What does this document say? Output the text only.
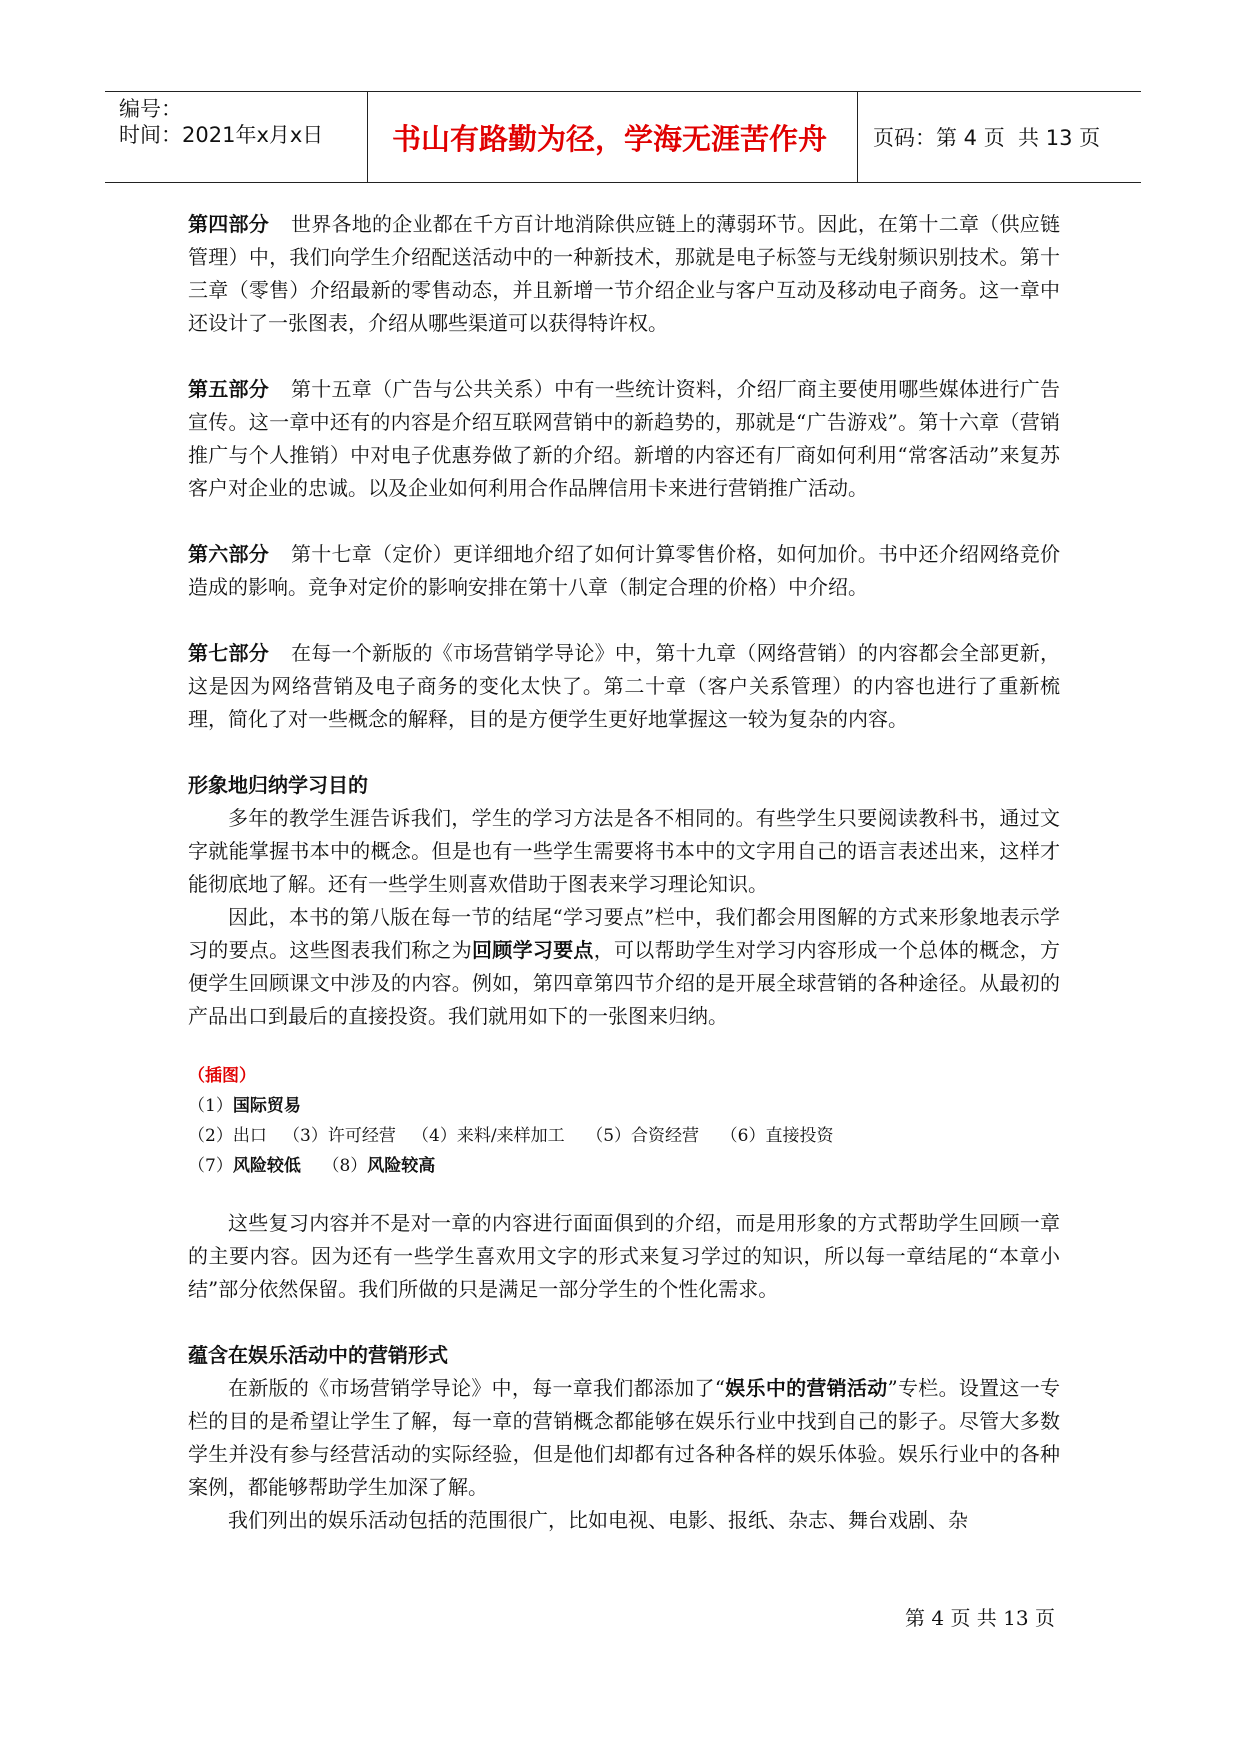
编号：
时间：2021年x月x日	书山有路勤为径，学海无涯苦作舟	页码：第 4 页  共 13 页

第四部分 世界各地的企业都在千方百计地消除供应链上的薄弱环节。因此，在第十二章（供应链管理）中，我们向学生介绍配送活动中的一种新技术，那就是电子标签与无线射频识别技术。第十三章（零售）介绍最新的零售动态，并且新增一节介绍企业与客户互动及移动电子商务。这一章中还设计了一张图表，介绍从哪些渠道可以获得特许权。

第五部分 第十五章（广告与公共关系）中有一些统计资料，介绍厂商主要使用哪些媒体进行广告宣传。这一章中还有的内容是介绍互联网营销中的新趋势的，那就是“广告游戏”。第十六章（营销推广与个人推销）中对电子优惠券做了新的介绍。新增的内容还有厂商如何利用“常客活动”来复苏客户对企业的忠诚。以及企业如何利用合作品牌信用卡来进行营销推广活动。

第六部分 第十七章（定价）更详细地介绍了如何计算零售价格，如何加价。书中还介绍网络竞价造成的影响。竞争对定价的影响安排在第十八章（制定合理的价格）中介绍。

第七部分 在每一个新版的《市场营销学导论》中，第十九章（网络营销）的内容都会全部更新，这是因为网络营销及电子商务的变化太快了。第二十章（客户关系管理）的内容也进行了重新梳理，简化了对一些概念的解释，目的是方便学生更好地掌握这一较为复杂的内容。

形象地归纳学习目的

多年的教学生涯告诉我们，学生的学习方法是各不相同的。有些学生只要阅读教科书，通过文字就能掌握书本中的概念。但是也有一些学生需要将书本中的文字用自己的语言表述出来，这样才能彻底地了解。还有一些学生则喜欢借助于图表来学习理论知识。

因此，本书的第八版在每一节的结尾“学习要点”栏中，我们都会用图解的方式来形象地表示学习的要点。这些图表我们称之为回顾学习要点，可以帮助学生对学习内容形成一个总体的概念，方便学生回顾课文中涉及的内容。例如，第四章第四节介绍的是开展全球营销的各种途径。从最初的产品出口到最后的直接投资。我们就用如下的一张图来归纳。

（插图）

（1）国际贸易

（2）出口   （3）许可经营   （4）来料/来样加工    （5）合资经营    （6）直接投资

（7）风险较低    （8）风险较高

这些复习内容并不是对一章的内容进行面面俱到的介绍，而是用形象的方式帮助学生回顾一章的主要内容。因为还有一些学生喜欢用文字的形式来复习学过的知识，所以每一章结尾的“本章小结”部分依然保留。我们所做的只是满足一部分学生的个性化需求。

蕴含在娱乐活动中的营销形式

在新版的《市场营销学导论》中，每一章我们都添加了“娱乐中的营销活动”专栏。设置这一专栏的目的是希望让学生了解，每一章的营销概念都能够在娱乐行业中找到自己的影子。尽管大多数学生并没有参与经营活动的实际经验，但是他们却都有过各种各样的娱乐体验。娱乐行业中的各种案例，都能够帮助学生加深了解。

我们列出的娱乐活动包括的范围很广，比如电视、电影、报纸、杂志、舞台戏剧、杂

第 4 页 共 13 页
